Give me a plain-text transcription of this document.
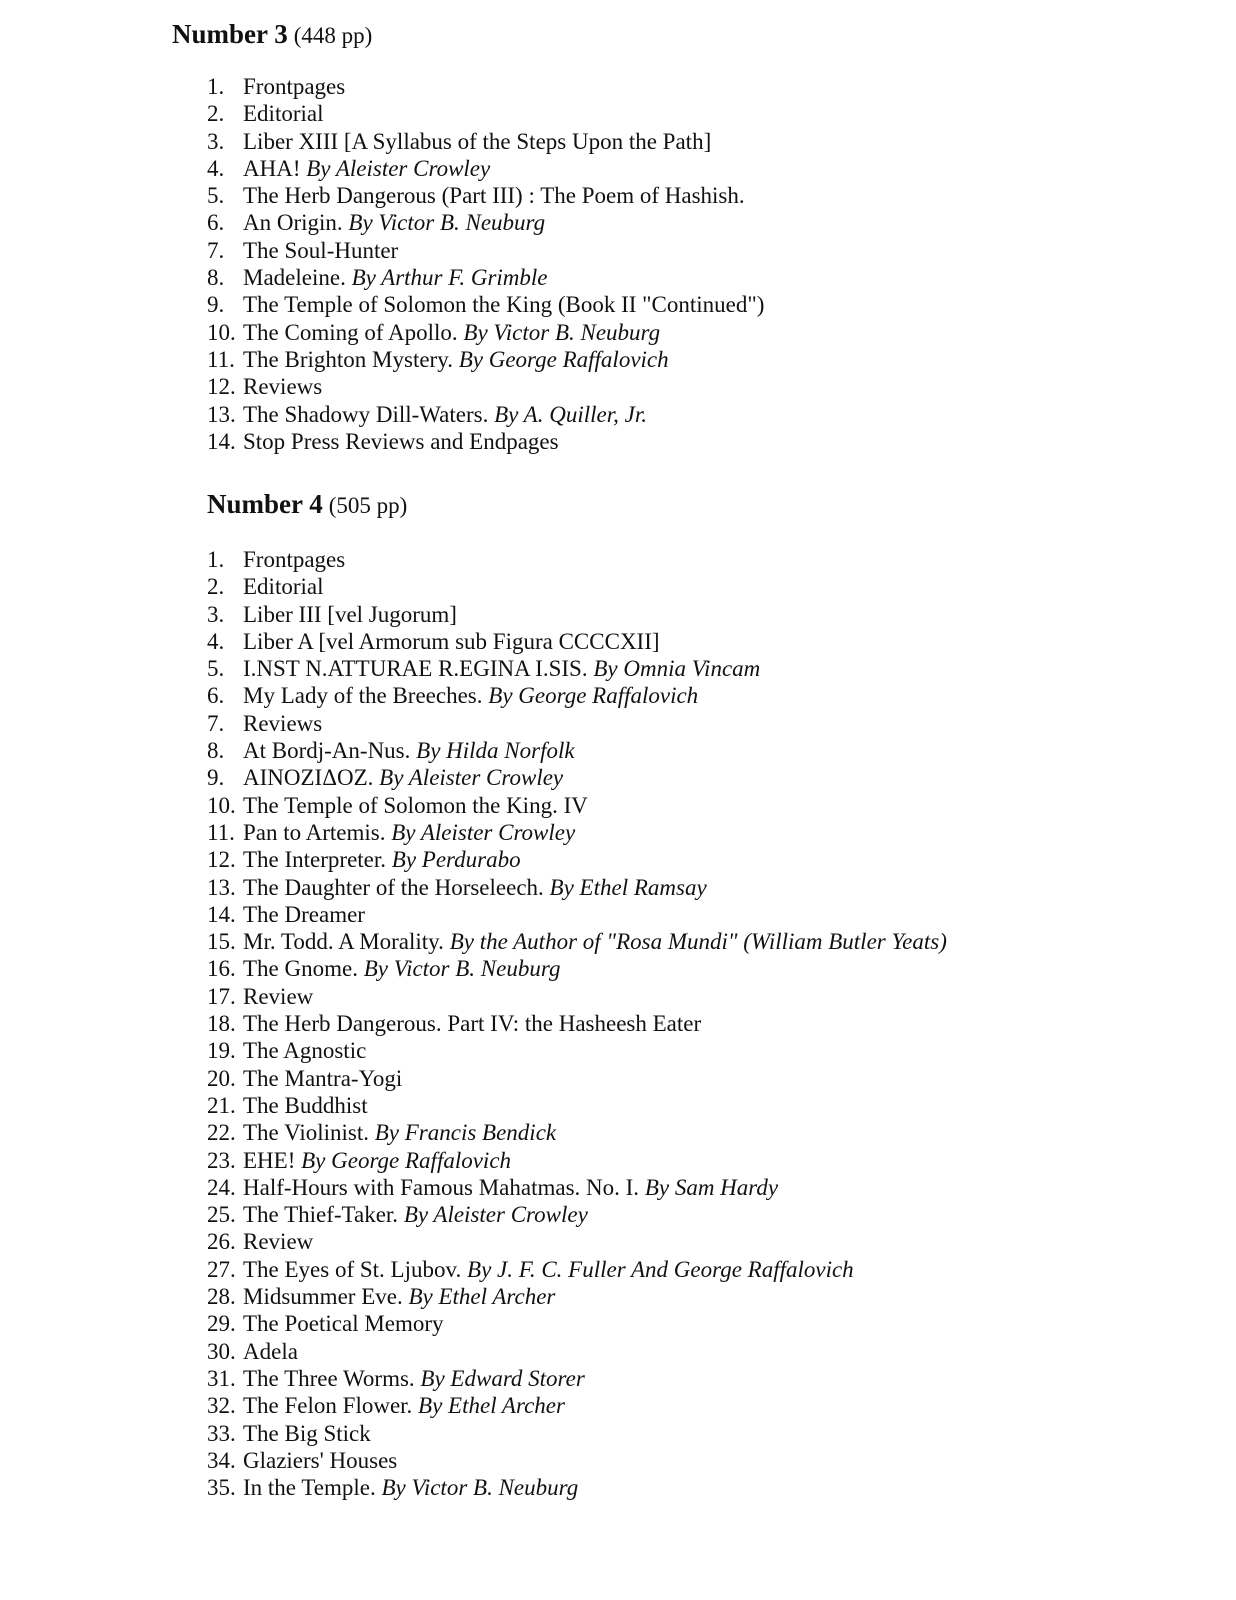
Number 3 (448 pp)
1. Frontpages
2. Editorial
3. Liber XIII [A Syllabus of the Steps Upon the Path]
4. AHA! By Aleister Crowley
5. The Herb Dangerous (Part III) : The Poem of Hashish.
6. An Origin. By Victor B. Neuburg
7. The Soul-Hunter
8. Madeleine. By Arthur F. Grimble
9. The Temple of Solomon the King (Book II "Continued")
10. The Coming of Apollo. By Victor B. Neuburg
11. The Brighton Mystery. By George Raffalovich
12. Reviews
13. The Shadowy Dill-Waters. By A. Quiller, Jr.
14. Stop Press Reviews and Endpages
Number 4 (505 pp)
1. Frontpages
2. Editorial
3. Liber III [vel Jugorum]
4. Liber A [vel Armorum sub Figura CCCCXII]
5. I.NST N.ATTURAE R.EGINA I.SIS. By Omnia Vincam
6. My Lady of the Breeches. By George Raffalovich
7. Reviews
8. At Bordj-An-Nus. By Hilda Norfolk
9. AINOZIΔOZ. By Aleister Crowley
10. The Temple of Solomon the King. IV
11. Pan to Artemis. By Aleister Crowley
12. The Interpreter. By Perdurabo
13. The Daughter of the Horseleech. By Ethel Ramsay
14. The Dreamer
15. Mr. Todd. A Morality. By the Author of "Rosa Mundi" (William Butler Yeats)
16. The Gnome. By Victor B. Neuburg
17. Review
18. The Herb Dangerous. Part IV: the Hasheesh Eater
19. The Agnostic
20. The Mantra-Yogi
21. The Buddhist
22. The Violinist. By Francis Bendick
23. EHE! By George Raffalovich
24. Half-Hours with Famous Mahatmas. No. I. By Sam Hardy
25. The Thief-Taker. By Aleister Crowley
26. Review
27. The Eyes of St. Ljubov. By J. F. C. Fuller And George Raffalovich
28. Midsummer Eve. By Ethel Archer
29. The Poetical Memory
30. Adela
31. The Three Worms. By Edward Storer
32. The Felon Flower. By Ethel Archer
33. The Big Stick
34. Glaziers' Houses
35. In the Temple. By Victor B. Neuburg
